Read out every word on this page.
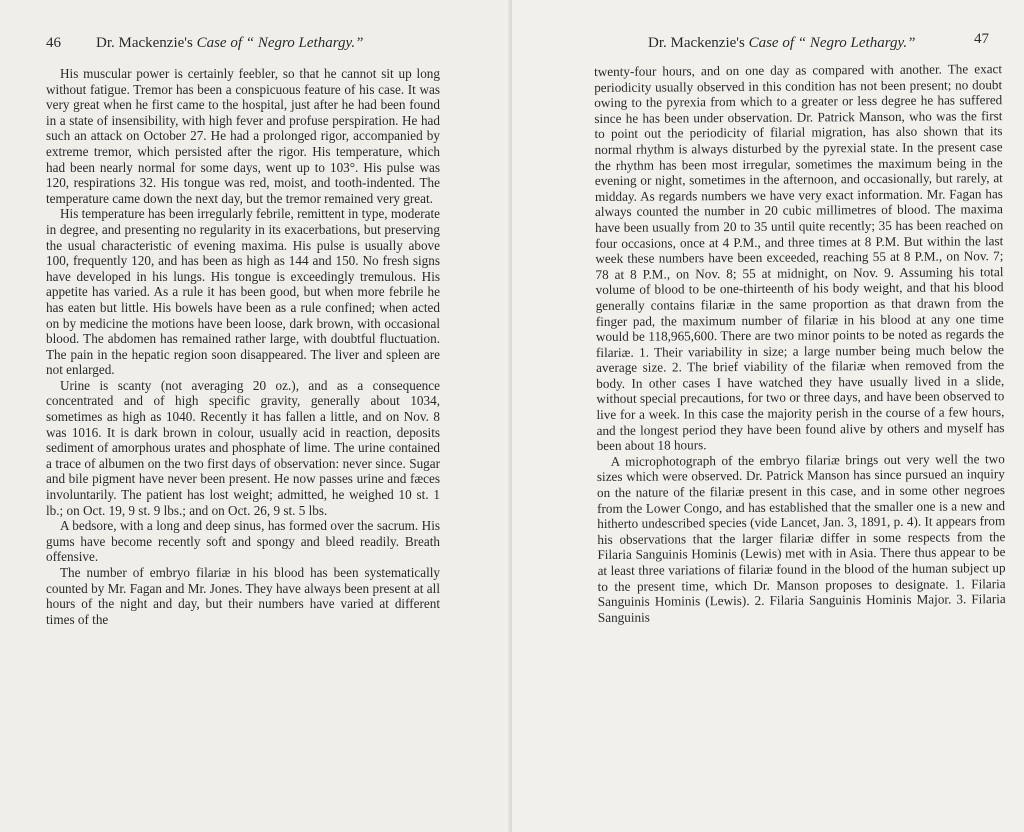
46 Dr. Mackenzie's Case of “ Negro Lethargy.”

His muscular power is certainly feebler, so that he cannot sit up long without fatigue. Tremor has been a conspicuous feature of his case. It was very great when he first came to the hospital, just after he had been found in a state of insensibility, with high fever and profuse perspiration. He had such an attack on October 27. He had a prolonged rigor, accompanied by extreme tremor, which persisted after the rigor. His temperature, which had been nearly normal for some days, went up to 103°. His pulse was 120, respirations 32. His tongue was red, moist, and tooth-indented. The temperature came down the next day, but the tremor remained very great.

His temperature has been irregularly febrile, remittent in type, moderate in degree, and presenting no regularity in its exacerbations, but preserving the usual characteristic of evening maxima. His pulse is usually above 100, frequently 120, and has been as high as 144 and 150. No fresh signs have developed in his lungs. His tongue is exceedingly tremulous. His appetite has varied. As a rule it has been good, but when more febrile he has eaten but little. His bowels have been as a rule confined; when acted on by medicine the motions have been loose, dark brown, with occasional blood. The abdomen has remained rather large, with doubtful fluctuation. The pain in the hepatic region soon disappeared. The liver and spleen are not enlarged.

Urine is scanty (not averaging 20 oz.), and as a consequence concentrated and of high specific gravity, generally about 1034, sometimes as high as 1040. Recently it has fallen a little, and on Nov. 8 was 1016. It is dark brown in colour, usually acid in reaction, deposits sediment of amorphous urates and phosphate of lime. The urine contained a trace of albumen on the two first days of observation: never since. Sugar and bile pigment have never been present. He now passes urine and fæces involuntarily. The patient has lost weight; admitted, he weighed 10 st. 1 lb.; on Oct. 19, 9 st. 9 lbs.; and on Oct. 26, 9 st. 5 lbs.

A bedsore, with a long and deep sinus, has formed over the sacrum. His gums have become recently soft and spongy and bleed readily. Breath offensive.

The number of embryo filariæ in his blood has been systematically counted by Mr. Fagan and Mr. Jones. They have always been present at all hours of the night and day, but their numbers have varied at different times of the

Dr. Mackenzie's Case of “ Negro Lethargy.”	47

twenty-four hours, and on one day as compared with another. The exact periodicity usually observed in this condition has not been present; no doubt owing to the pyrexia from which to a greater or less degree he has suffered since he has been under observation. Dr. Patrick Manson, who was the first to point out the periodicity of filarial migration, has also shown that its normal rhythm is always disturbed by the pyrexial state. In the present case the rhythm has been most irregular, sometimes the maximum being in the evening or night, sometimes in the afternoon, and occasionally, but rarely, at midday. As regards numbers we have very exact information. Mr. Fagan has always counted the number in 20 cubic millimetres of blood. The maxima have been usually from 20 to 35 until quite recently; 35 has been reached on four occasions, once at 4 P.M., and three times at 8 P.M. But within the last week these numbers have been exceeded, reaching 55 at 8 P.M., on Nov. 7; 78 at 8 P.M., on Nov. 8; 55 at midnight, on Nov. 9. Assuming his total volume of blood to be one-thirteenth of his body weight, and that his blood generally contains filariæ in the same proportion as that drawn from the finger pad, the maximum number of filariæ in his blood at any one time would be 118,965,600. There are two minor points to be noted as regards the filariæ. 1. Their variability in size; a large number being much below the average size. 2. The brief viability of the filariæ when removed from the body. In other cases I have watched they have usually lived in a slide, without special precautions, for two or three days, and have been observed to live for a week. In this case the majority perish in the course of a few hours, and the longest period they have been found alive by others and myself has been about 18 hours.

A microphotograph of the embryo filariæ brings out very well the two sizes which were observed. Dr. Patrick Manson has since pursued an inquiry on the nature of the filariæ present in this case, and in some other negroes from the Lower Congo, and has established that the smaller one is a new and hitherto undescribed species (vide Lancet, Jan. 3, 1891, p. 4). It appears from his observations that the larger filariæ differ in some respects from the Filaria Sanguinis Hominis (Lewis) met with in Asia. There thus appear to be at least three variations of filariæ found in the blood of the human subject up to the present time, which Dr. Manson proposes to designate. 1. Filaria Sanguinis Hominis (Lewis). 2. Filaria Sanguinis Hominis Major. 3. Filaria Sanguinis
